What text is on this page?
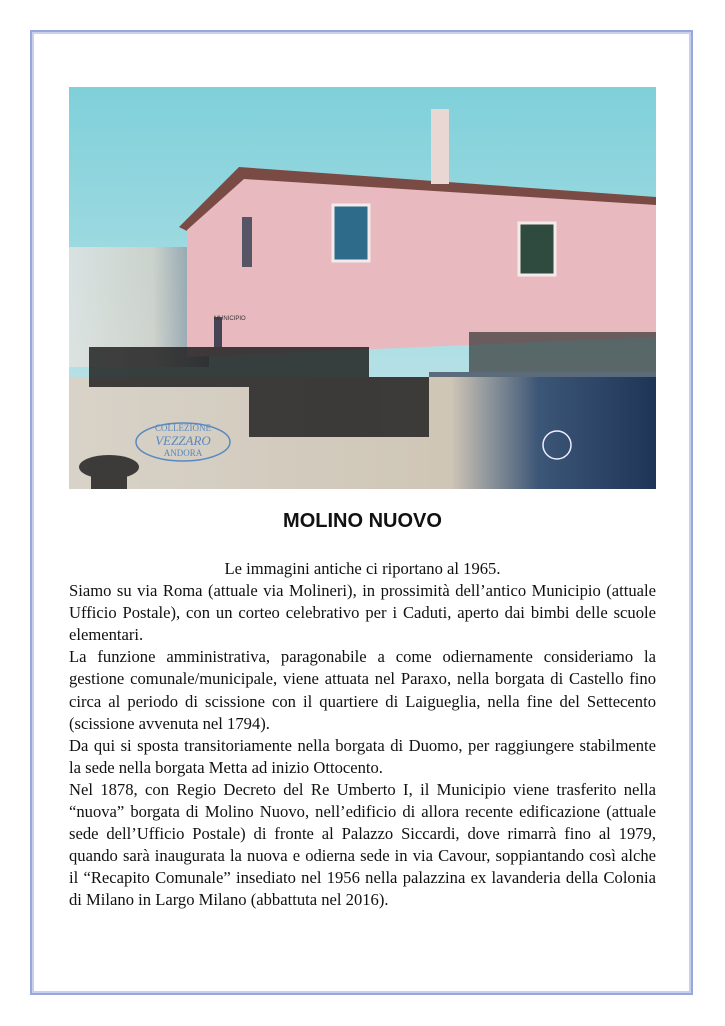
COLLEZIONE
VEZZARO
ANDORA
MUNICIPIO
MOLINO NUOVO

Le immagini antiche ci riportano al 1965.

Siamo su via Roma (attuale via Molineri), in prossimità dell’antico Municipio (attuale Ufficio Postale), con un corteo celebrativo per i Caduti, aperto dai bimbi delle scuole elementari.

La funzione amministrativa, paragonabile a come odiernamente consideriamo la gestione comunale/municipale, viene attuata nel Paraxo, nella borgata di Castello fino circa al periodo di scissione con il quartiere di Laigueglia, nella fine del Settecento (scissione avvenuta nel 1794).

Da qui si sposta transitoriamente nella borgata di Duomo, per raggiungere stabilmente la sede nella borgata Metta ad inizio Ottocento.

Nel 1878, con Regio Decreto del Re Umberto I, il Municipio viene trasferito nella “nuova” borgata di Molino Nuovo, nell’edificio di allora recente edificazione (attuale sede dell’Ufficio Postale) di fronte al Palazzo Siccardi, dove rimarrà fino al 1979, quando sarà inaugurata la nuova e odierna sede in via Cavour, soppiantando così alche il “Recapito Comunale” insediato nel 1956 nella palazzina ex lavanderia della Colonia di Milano in Largo Milano (abbattuta nel 2016).
